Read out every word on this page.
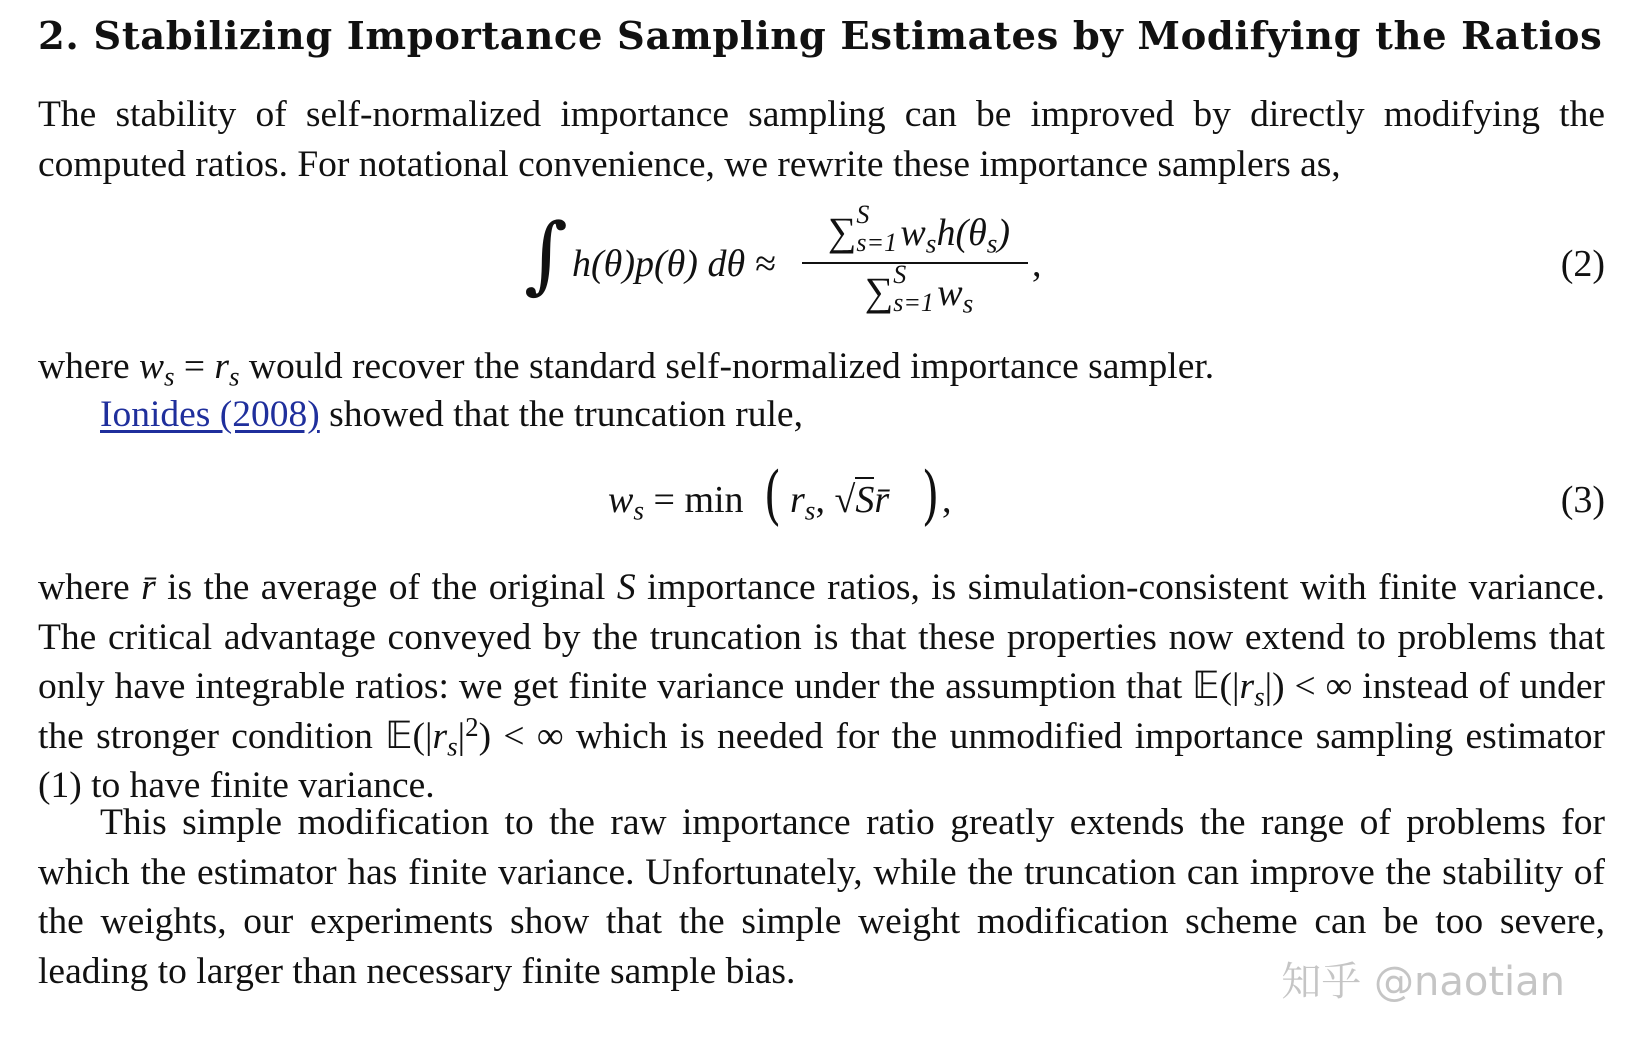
2. Stabilizing Importance Sampling Estimates by Modifying the Ratios

The stability of self-normalized importance sampling can be improved by directly modifying the computed ratios. For notational convenience, we rewrite these importance samplers as,

∫ h(θ)p(θ) dθ ≈
∑ S
s=1 $w_sh(\theta_s)$
∑ S
s=1 $w_s$
,	(2)

where $w_s = r_s$ would recover the standard self-normalized importance sampler.

Ionides (2008) showed that the truncation rule,

$w_s = \min$ ( $r_s$, √Sr̄ ) ,	(3)

where r̄ is the average of the original S importance ratios, is simulation-consistent with finite variance. The critical advantage conveyed by the truncation is that these properties now extend to problems that only have integrable ratios: we get finite variance under the assumption that $𝔼(|r_s|)$ < ∞ instead of under the stronger condition $𝔼(|r_s|^2)$ < ∞ which is needed for the unmodified importance sampling estimator (1) to have finite variance.

This simple modification to the raw importance ratio greatly extends the range of problems for which the estimator has finite variance. Unfortunately, while the truncation can improve the stability of the weights, our experiments show that the simple weight modification scheme can be too severe, leading to larger than necessary finite sample bias.	知乎 @naotian
